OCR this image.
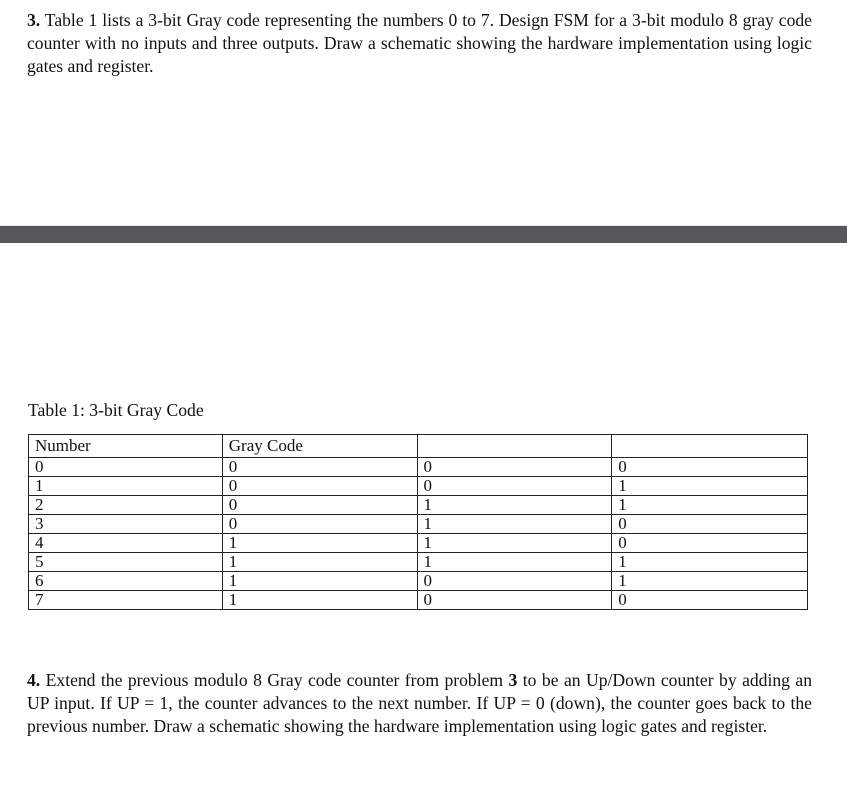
3. Table 1 lists a 3-bit Gray code representing the numbers 0 to 7. Design FSM for a 3-bit modulo 8 gray code counter with no inputs and three outputs. Draw a schematic showing the hardware implementation using logic gates and register.
Table 1: 3-bit Gray Code
Number	Gray Code		
0	0	0	0
1	0	0	1
2	0	1	1
3	0	1	0
4	1	1	0
5	1	1	1
6	1	0	1
7	1	0	0
4. Extend the previous modulo 8 Gray code counter from problem 3 to be an Up/Down counter by adding an UP input. If UP = 1, the counter advances to the next number. If UP = 0 (down), the counter goes back to the previous number. Draw a schematic showing the hardware implementation using logic gates and register.
